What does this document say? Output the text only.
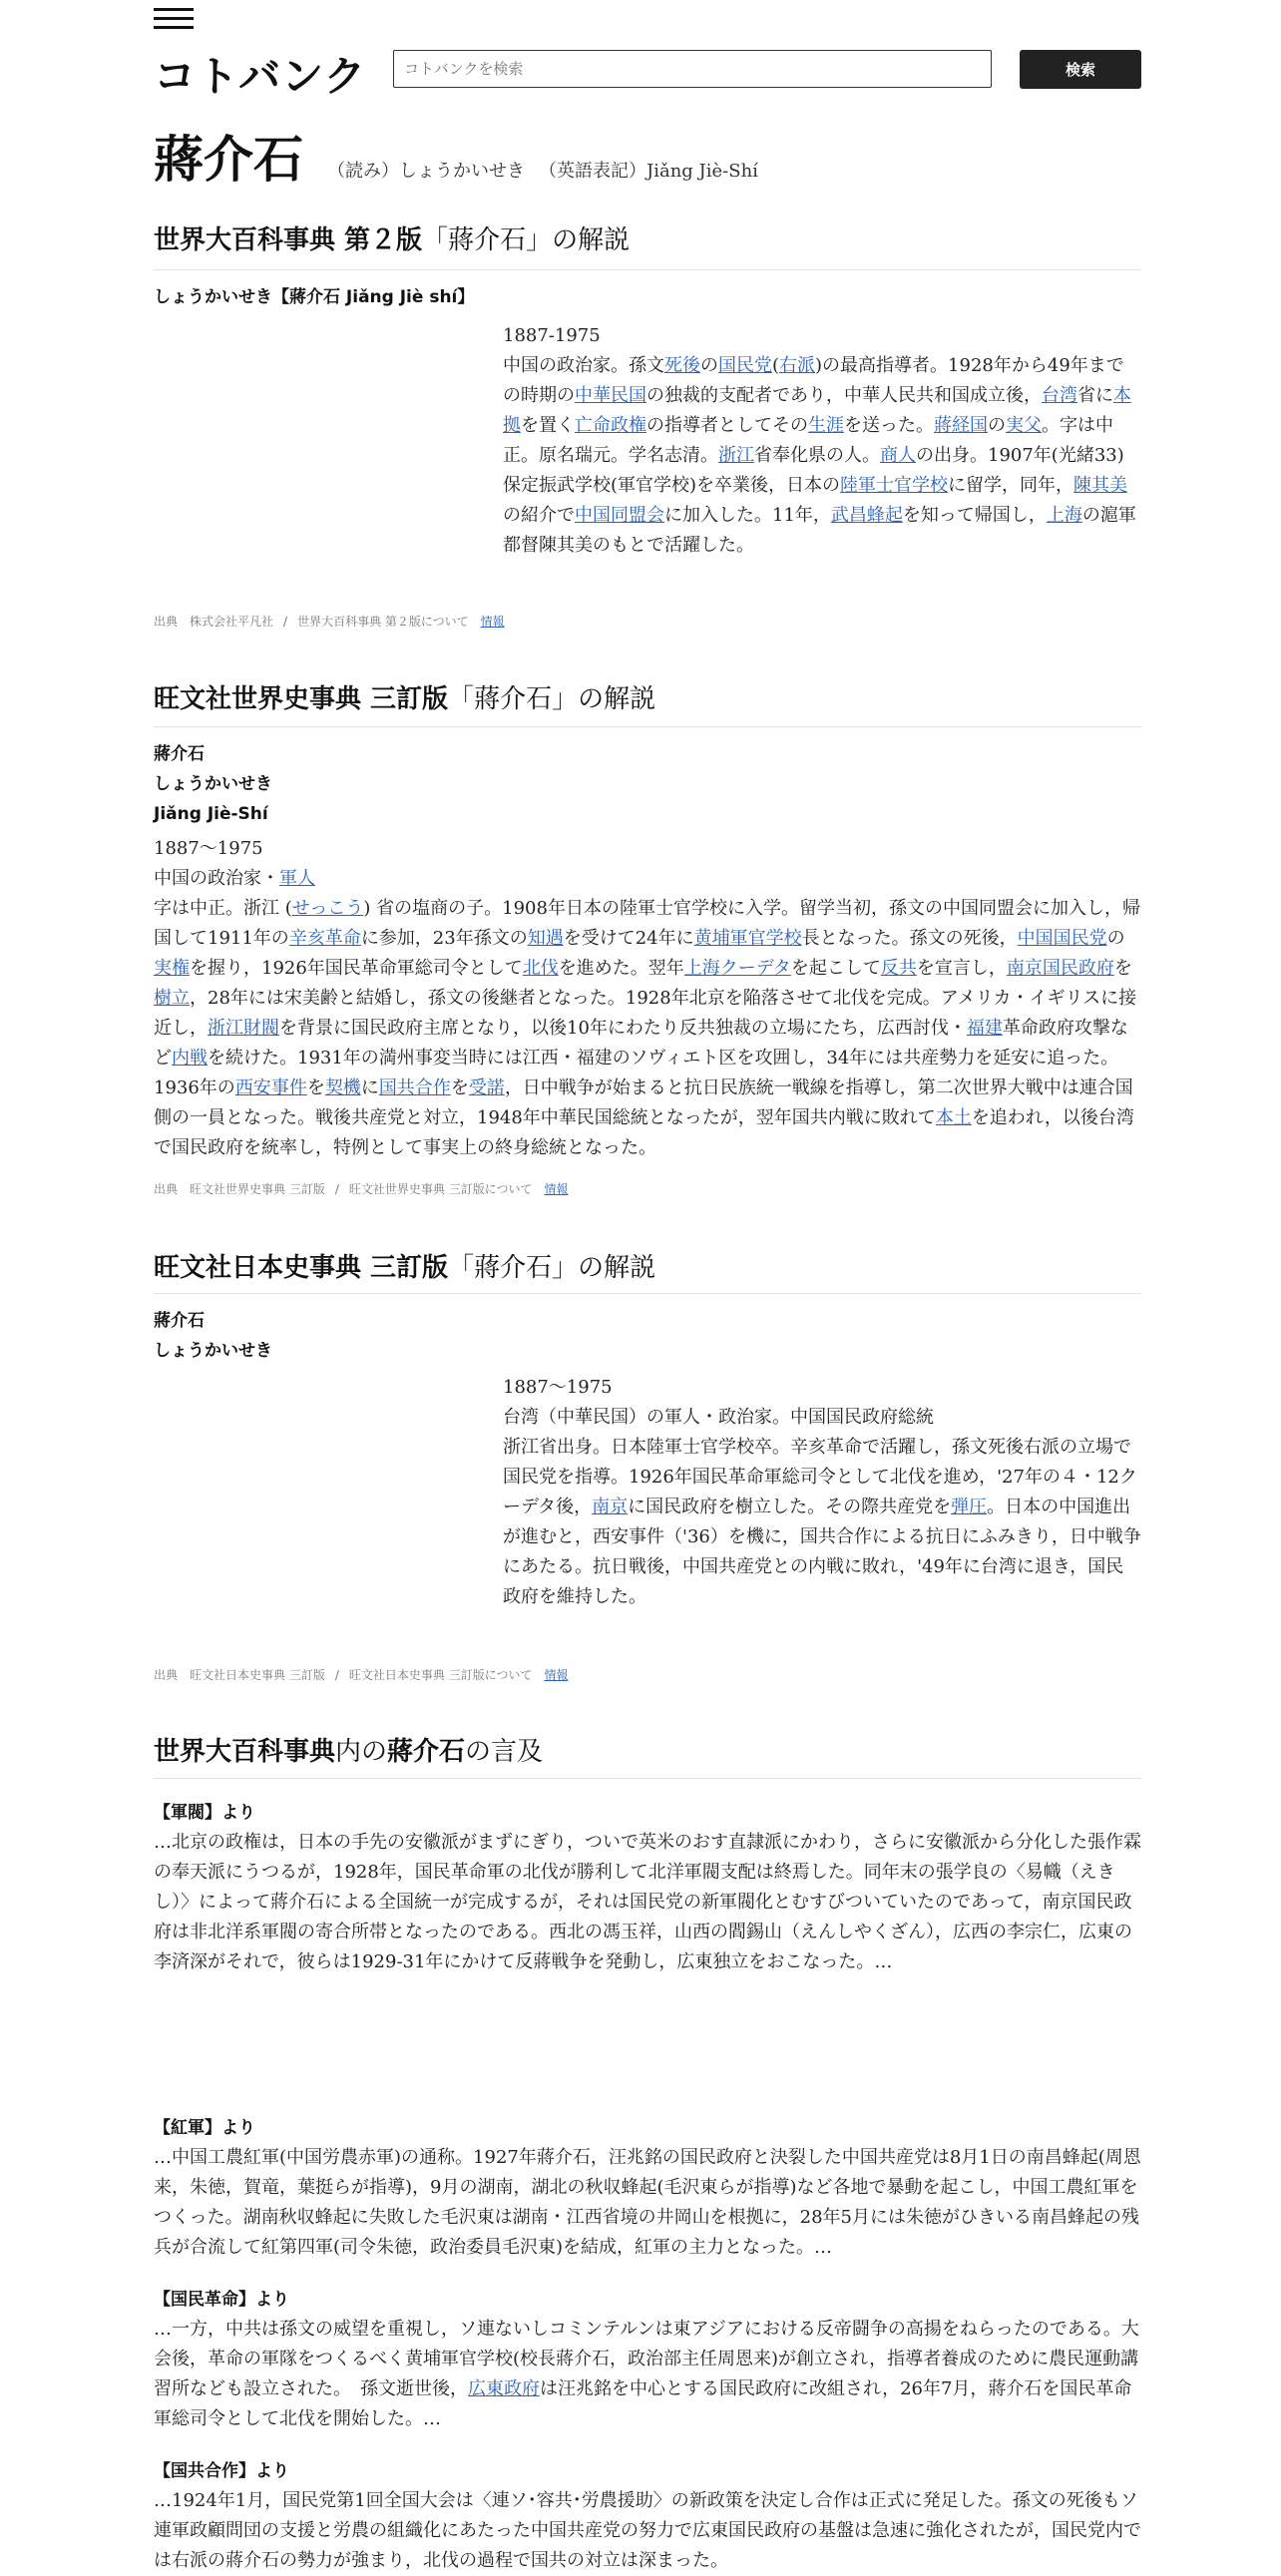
コトバンク
コトバンクを検索	検索
蔣介石 （読み）しょうかいせき （英語表記）Jiǎng Jiè-Shí
世界大百科事典 第２版「蔣介石」の解説
しょうかいせき【蔣介石 Jiǎng Jiè shí】

1887-1975

中国の政治家。孫文死後の国民党(右派)の最高指導者。1928年から49年までの時期の中華民国の独裁的支配者であり，中華人民共和国成立後，台湾省に本拠を置く亡命政権の指導者としてその生涯を送った。蔣経国の実父。字は中正。原名瑞元。学名志清。浙江省奉化県の人。商人の出身。1907年(光緒33)保定振武学校(軍官学校)を卒業後，日本の陸軍士官学校に留学，同年，陳其美の紹介で中国同盟会に加入した。11年，武昌蜂起を知って帰国し，上海の滬軍都督陳其美のもとで活躍した。

出典　株式会社平凡社 / 世界大百科事典 第２版について 情報
旺文社世界史事典 三訂版「蔣介石」の解説
蔣介石
しょうかいせき
Jiǎng Jiè-Shí

1887〜1975

中国の政治家・軍人
字は中正。浙江 (せっこう) 省の塩商の子。1908年日本の陸軍士官学校に入学。留学当初，孫文の中国同盟会に加入し，帰国して1911年の辛亥革命に参加，23年孫文の知遇を受けて24年に黄埔軍官学校長となった。孫文の死後，中国国民党の実権を握り，1926年国民革命軍総司令として北伐を進めた。翌年上海クーデタを起こして反共を宣言し，南京国民政府を樹立，28年には宋美齢と結婚し，孫文の後継者となった。1928年北京を陥落させて北伐を完成。アメリカ・イギリスに接近し，浙江財閥を背景に国民政府主席となり，以後10年にわたり反共独裁の立場にたち，広西討伐・福建革命政府攻撃など内戦を続けた。1931年の満州事変当時には江西・福建のソヴィエト区を攻囲し，34年には共産勢力を延安に追った。1936年の西安事件を契機に国共合作を受諾，日中戦争が始まると抗日民族統一戦線を指導し，第二次世界大戦中は連合国側の一員となった。戦後共産党と対立，1948年中華民国総統となったが，翌年国共内戦に敗れて本土を追われ，以後台湾で国民政府を統率し，特例として事実上の終身総統となった。

出典　旺文社世界史事典 三訂版 / 旺文社世界史事典 三訂版について 情報
旺文社日本史事典 三訂版「蔣介石」の解説
蔣介石
しょうかいせき

1887〜1975

台湾（中華民国）の軍人・政治家。中国国民政府総統
浙江省出身。日本陸軍士官学校卒。辛亥革命で活躍し，孫文死後右派の立場で国民党を指導。1926年国民革命軍総司令として北伐を進め，'27年の４・12クーデタ後，南京に国民政府を樹立した。その際共産党を弾圧。日本の中国進出が進むと，西安事件（'36）を機に，国共合作による抗日にふみきり，日中戦争にあたる。抗日戦後，中国共産党との内戦に敗れ，'49年に台湾に退き，国民政府を維持した。

出典　旺文社日本史事典 三訂版 / 旺文社日本史事典 三訂版について 情報
世界大百科事典内の蔣介石の言及
【軍閥】より

…北京の政権は，日本の手先の安徽派がまずにぎり，ついで英米のおす直隷派にかわり，さらに安徽派から分化した張作霖の奉天派にうつるが，1928年，国民革命軍の北伐が勝利して北洋軍閥支配は終焉した。同年末の張学良の〈易幟（えきし）〉によって蔣介石による全国統一が完成するが，それは国民党の新軍閥化とむすびついていたのであって，南京国民政府は非北洋系軍閥の寄合所帯となったのである。西北の馮玉祥，山西の閻錫山（えんしやくざん），広西の李宗仁，広東の李済深がそれで，彼らは1929-31年にかけて反蔣戦争を発動し，広東独立をおこなった。…

【紅軍】より

…中国工農紅軍(中国労農赤軍)の通称。1927年蔣介石，汪兆銘の国民政府と決裂した中国共産党は8月1日の南昌蜂起(周恩来，朱徳，賀竜，葉挺らが指導)，9月の湖南，湖北の秋収蜂起(毛沢東らが指導)など各地で暴動を起こし，中国工農紅軍をつくった。湖南秋収蜂起に失敗した毛沢東は湖南・江西省境の井岡山を根拠に，28年5月には朱徳がひきいる南昌蜂起の残兵が合流して紅第四軍(司令朱徳，政治委員毛沢東)を結成，紅軍の主力となった。…

【国民革命】より

…一方，中共は孫文の威望を重視し，ソ連ないしコミンテルンは東アジアにおける反帝闘争の高揚をねらったのである。大会後，革命の軍隊をつくるべく黄埔軍官学校(校長蔣介石，政治部主任周恩来)が創立され，指導者養成のために農民運動講習所なども設立された。　孫文逝世後，広東政府は汪兆銘を中心とする国民政府に改組され，26年7月，蔣介石を国民革命軍総司令として北伐を開始した。…

【国共合作】より

…1924年1月，国民党第1回全国大会は〈連ソ･容共･労農援助〉の新政策を決定し合作は正式に発足した。孫文の死後もソ連軍政顧問団の支援と労農の組織化にあたった中国共産党の努力で広東国民政府の基盤は急速に強化されたが，国民党内では右派の蔣介石の勢力が強まり，北伐の過程で国共の対立は深まった。
